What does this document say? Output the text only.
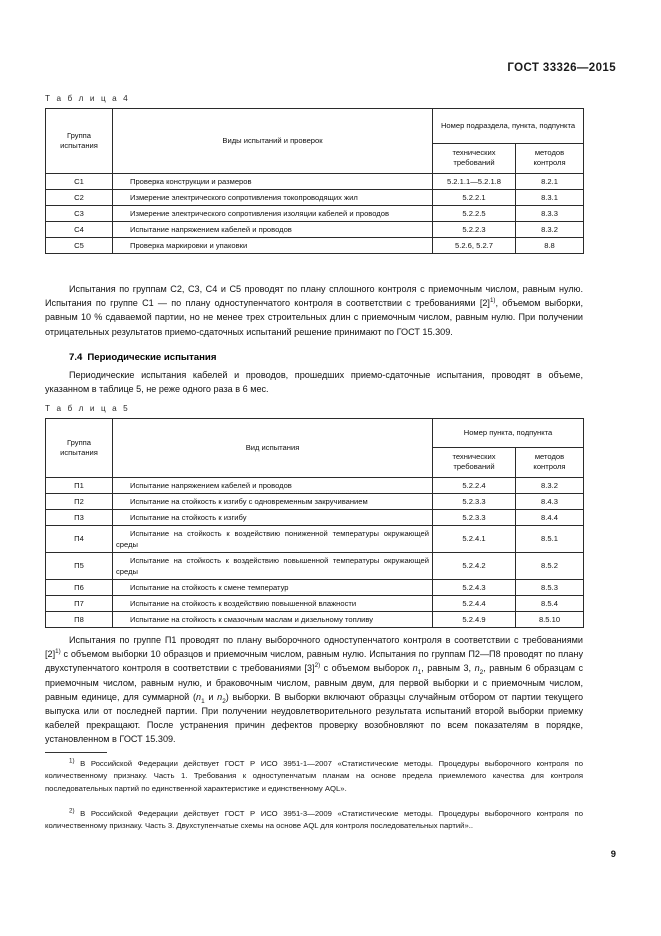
ГОСТ 33326—2015
Т а б л и ц а 4
Группа испытания	Виды испытаний и проверок	Номер подраздела, пункта, подпункта	
		технических требований	методов контроля
С1	Проверка конструкции и размеров	5.2.1.1—5.2.1.8	8.2.1
С2	Измерение электрического сопротивления токопроводящих жил	5.2.2.1	8.3.1
С3	Измерение электрического сопротивления изоляции кабелей и проводов	5.2.2.5	8.3.3
С4	Испытание напряжением кабелей и проводов	5.2.2.3	8.3.2
С5	Проверка маркировки и упаковки	5.2.6, 5.2.7	8.8
Испытания по группам С2, С3, С4 и С5 проводят по плану сплошного контроля с приемочным числом, равным нулю. Испытания по группе С1 — по плану одноступенчатого контроля в соответствии с требованиями [2]$^{1)}$, объемом выборки, равным 10 % сдаваемой партии, но не менее трех строительных длин с приемочным числом, равным нулю. При получении отрицательных результатов приемо-сдаточных испытаний решение принимают по ГОСТ 15.309.
7.4 Периодические испытания
Периодические испытания кабелей и проводов, прошедших приемо-сдаточные испытания, проводят в объеме, указанном в таблице 5, не реже одного раза в 6 мес.
Т а б л и ц а 5
Группа испытания	Вид испытания	Номер пункта, подпункта	
		технических требований	методов контроля
П1	Испытание напряжением кабелей и проводов	5.2.2.4	8.3.2
П2	Испытание на стойкость к изгибу с одновременным закручиванием	5.2.3.3	8.4.3
П3	Испытание на стойкость к изгибу	5.2.3.3	8.4.4
П4	Испытание на стойкость к воздействию пониженной температуры окружающей среды	5.2.4.1	8.5.1
П5	Испытание на стойкость к воздействию повышенной температуры окружающей среды	5.2.4.2	8.5.2
П6	Испытание на стойкость к смене температур	5.2.4.3	8.5.3
П7	Испытание на стойкость к воздействию повышенной влажности	5.2.4.4	8.5.4
П8	Испытание на стойкость к смазочным маслам и дизельному топливу	5.2.4.9	8.5.10
Испытания по группе П1 проводят по плану выборочного одноступенчатого контроля в соответствии с требованиями [2]$^{1)}$ с объемом выборки 10 образцов и приемочным числом, равным нулю. Испытания по группам П2—П8 проводят по плану двухступенчатого контроля в соответствии с требованиями [3]$^{2)}$ с объемом выборок $n_1$, равным 3, $n_2$, равным 6 образцам с приемочным числом, равным нулю, и браковочным числом, равным двум, для первой выборки и с приемочным числом, равным единице, для суммарной ($n_1$ и $n_2$) выборки. В выборки включают образцы случайным отбором от партии текущего выпуска или от последней партии. При получении неудовлетворительного результата испытаний второй выборки приемку кабелей прекращают. После устранения причин дефектов проверку возобновляют по всем показателям в порядке, установленном в ГОСТ 15.309.
$^{1)}$ В Российской Федерации действует ГОСТ Р ИСО 3951-1—2007 «Статистические методы. Процедуры выборочного контроля по количественному признаку. Часть 1. Требования к одноступенчатым планам на основе предела приемлемого качества для контроля последовательных партий по единственной характеристике и единственному AQL».
$^{2)}$ В Российской Федерации действует ГОСТ Р ИСО 3951-3—2009 «Статистические методы. Процедуры выборочного контроля по количественному признаку. Часть 3. Двухступенчатые схемы на основе AQL для контроля последовательных партий»..
9
